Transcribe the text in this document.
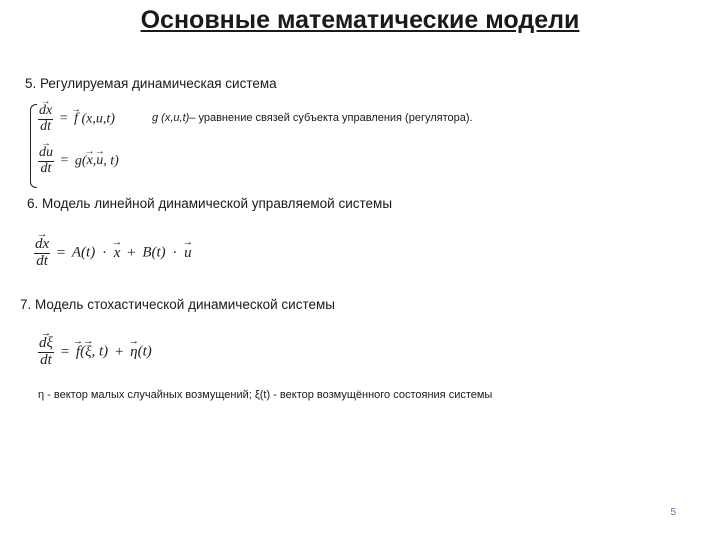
Основные математические модели
5. Регулируемая динамическая система
→ $\frac{dx}{dt}$ = → f (x,u,t)
→ $\frac{du}{dt} = g(\to x,\to u$, t)
g (x,u,t)– уравнение связей субъекта управления (регулятора).
6. Модель линейной динамической управляемой системы
→ $\frac{dx}{dt} = A(t)$ · → x + B(t) · → u
7. Модель стохастической динамической системы
→ $\frac{d\xi}{dt}$ = → f(→ ξ, t) + → η(t)
η - вектор малых случайных возмущений; ξ(t) - вектор возмущённого состояния системы
5
